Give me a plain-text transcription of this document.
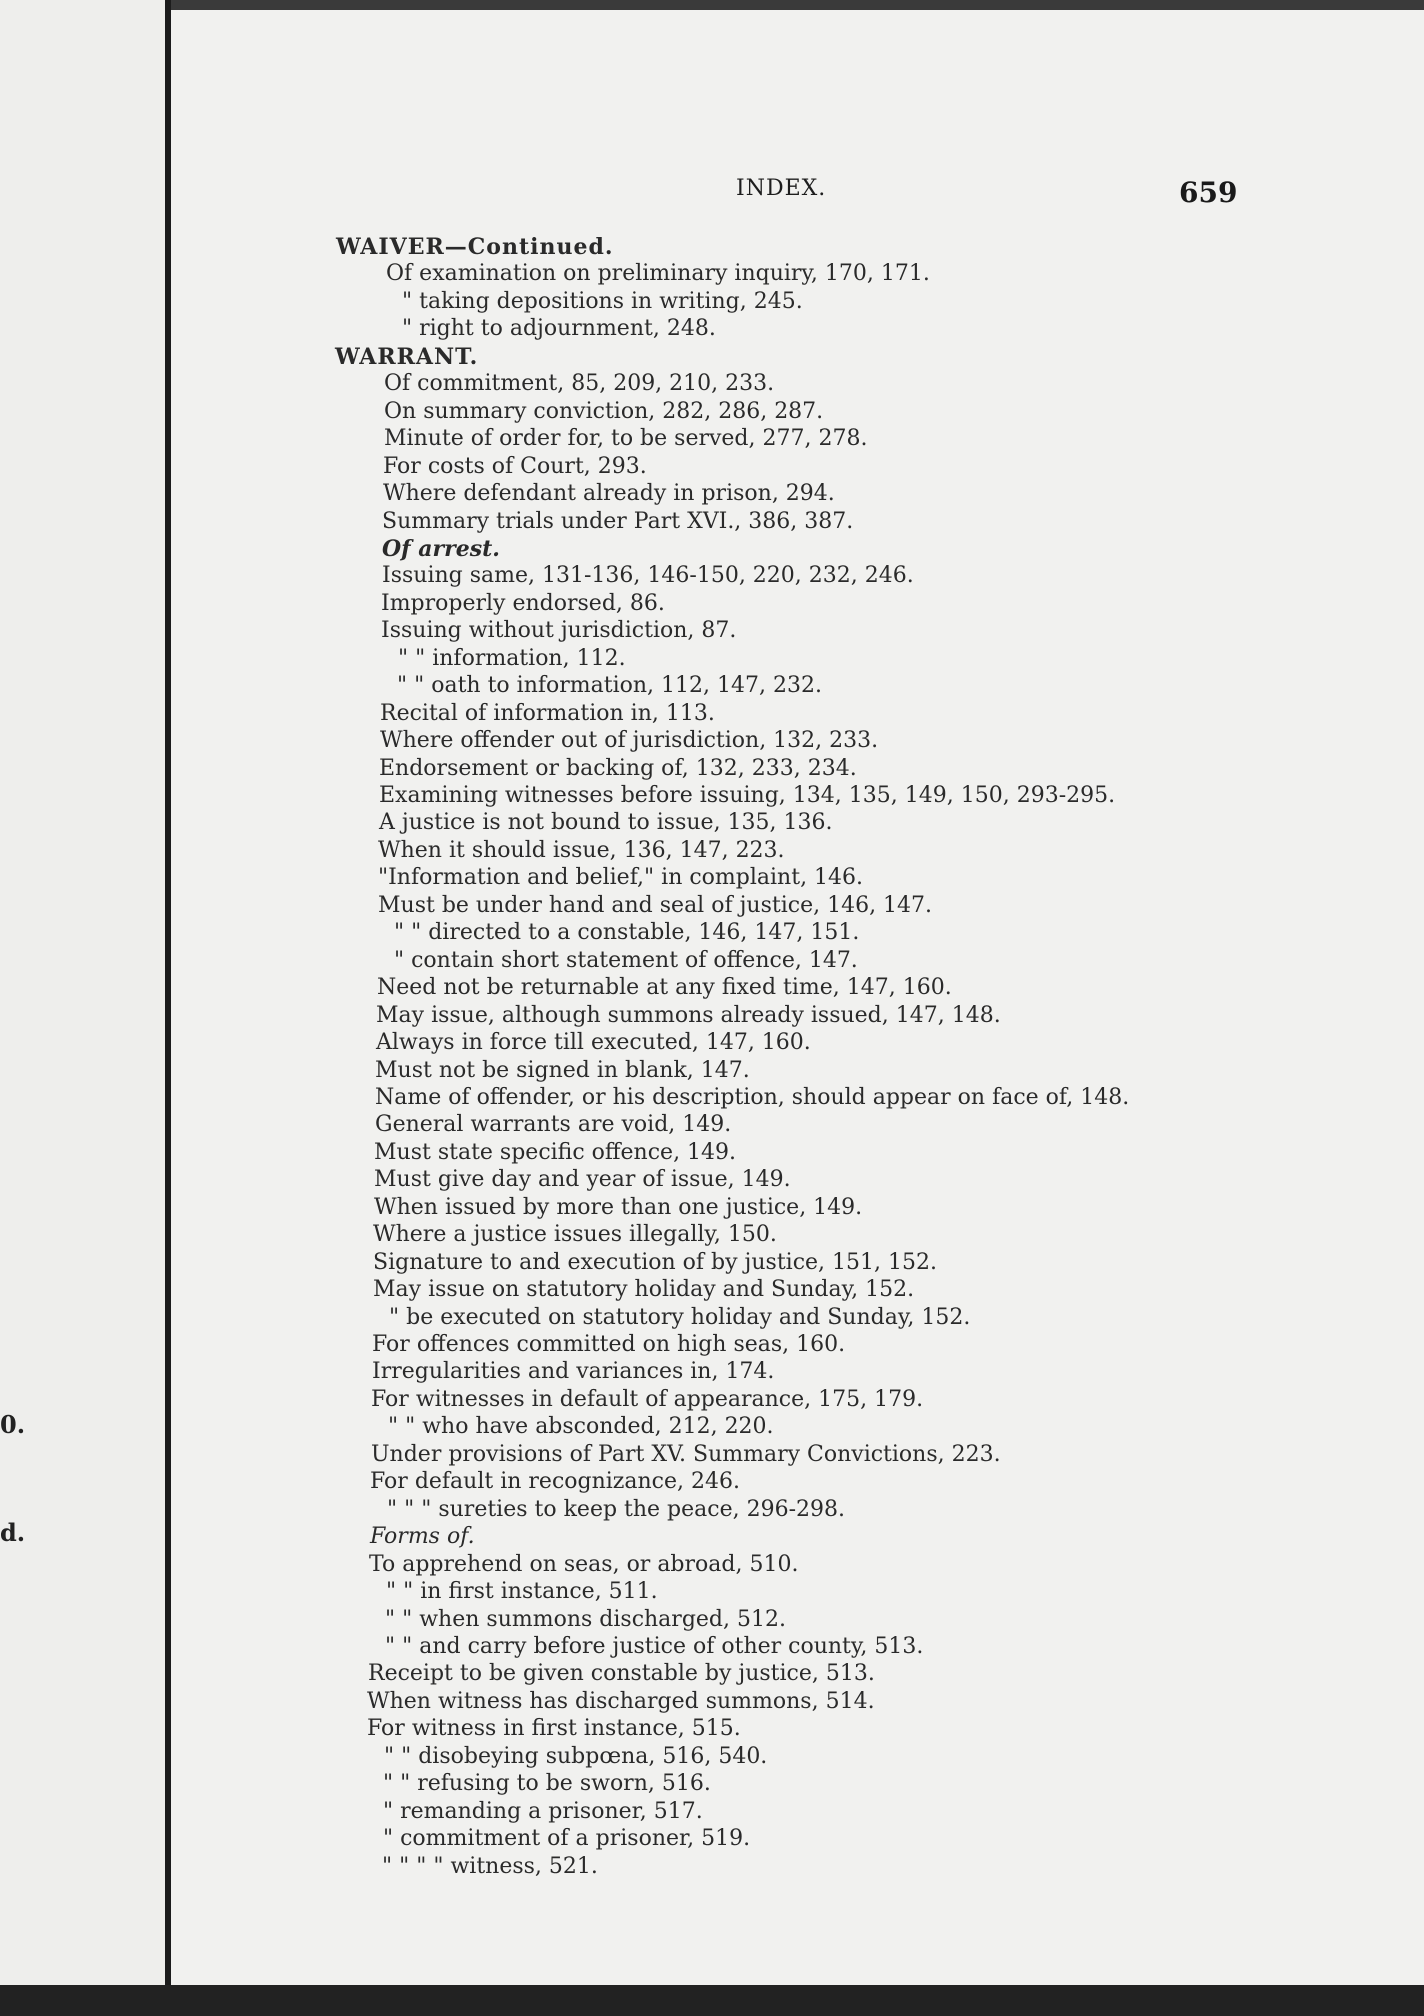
0.
d.
INDEX.	659
WAIVER—Continued.
Of examination on preliminary inquiry, 170, 171.
" taking depositions in writing, 245.
" right to adjournment, 248.
WARRANT.
Of commitment, 85, 209, 210, 233.
On summary conviction, 282, 286, 287.
Minute of order for, to be served, 277, 278.
For costs of Court, 293.
Where defendant already in prison, 294.
Summary trials under Part XVI., 386, 387.
Of arrest.
Issuing same, 131-136, 146-150, 220, 232, 246.
Improperly endorsed, 86.
Issuing without jurisdiction, 87.
" " information, 112.
" " oath to information, 112, 147, 232.
Recital of information in, 113.
Where offender out of jurisdiction, 132, 233.
Endorsement or backing of, 132, 233, 234.
Examining witnesses before issuing, 134, 135, 149, 150, 293-295.
A justice is not bound to issue, 135, 136.
When it should issue, 136, 147, 223.
"Information and belief," in complaint, 146.
Must be under hand and seal of justice, 146, 147.
" " directed to a constable, 146, 147, 151.
" contain short statement of offence, 147.
Need not be returnable at any fixed time, 147, 160.
May issue, although summons already issued, 147, 148.
Always in force till executed, 147, 160.
Must not be signed in blank, 147.
Name of offender, or his description, should appear on face of, 148.
General warrants are void, 149.
Must state specific offence, 149.
Must give day and year of issue, 149.
When issued by more than one justice, 149.
Where a justice issues illegally, 150.
Signature to and execution of by justice, 151, 152.
May issue on statutory holiday and Sunday, 152.
" be executed on statutory holiday and Sunday, 152.
For offences committed on high seas, 160.
Irregularities and variances in, 174.
For witnesses in default of appearance, 175, 179.
" " who have absconded, 212, 220.
Under provisions of Part XV. Summary Convictions, 223.
For default in recognizance, 246.
" " " sureties to keep the peace, 296-298.
Forms of.
To apprehend on seas, or abroad, 510.
" " in first instance, 511.
" " when summons discharged, 512.
" " and carry before justice of other county, 513.
Receipt to be given constable by justice, 513.
When witness has discharged summons, 514.
For witness in first instance, 515.
" " disobeying subpœna, 516, 540.
" " refusing to be sworn, 516.
" remanding a prisoner, 517.
" commitment of a prisoner, 519.
" " " " witness, 521.
